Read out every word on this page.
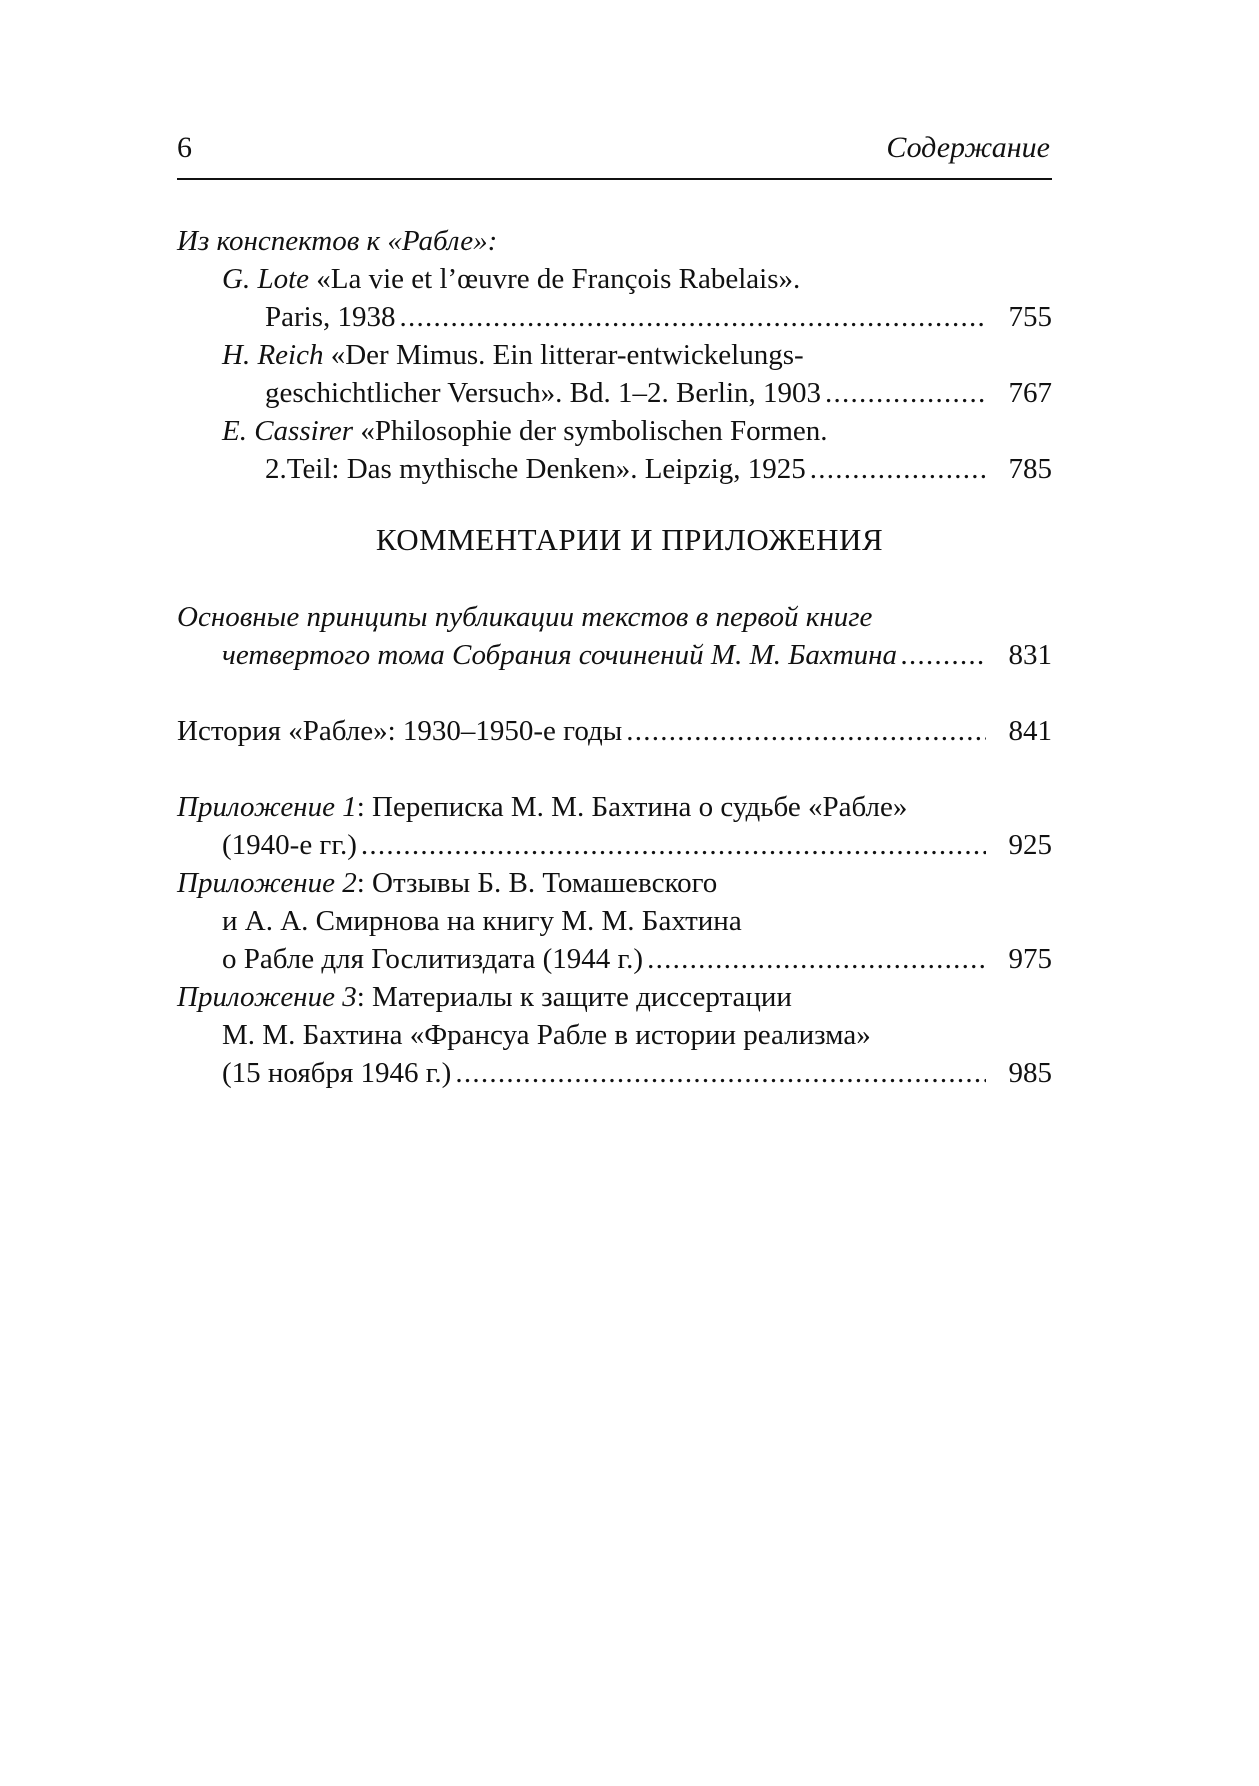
6	Содержание
Из конспектов к «Рабле»:
G. Lote «La vie et l’œuvre de François Rabelais».
Paris, 1938 . . .	755
H. Reich «Der Mimus. Ein litterar-entwickelungs-
geschichtlicher Versuch». Bd. 1–2. Berlin, 1903 . . .	767
E. Cassirer «Philosophie der symbolischen Formen.
2.Teil: Das mythische Denken». Leipzig, 1925 . . .	785
КОММЕНТАРИИ И ПРИЛОЖЕНИЯ
Основные принципы публикации текстов в первой книге
четвертого тома Собрания сочинений М. М. Бахтина . . .	831
История «Рабле»: 1930–1950-е годы . . .	841
Приложение 1: Переписка М. М. Бахтина о судьбе «Рабле»
(1940-е гг.) . . .	925
Приложение 2: Отзывы Б. В. Томашевского
и А. А. Смирнова на книгу М. М. Бахтина
о Рабле для Гослитиздата (1944 г.) . . .	975
Приложение 3: Материалы к защите диссертации
М. М. Бахтина «Франсуа Рабле в истории реализма»
(15 ноября 1946 г.) . . .	985
